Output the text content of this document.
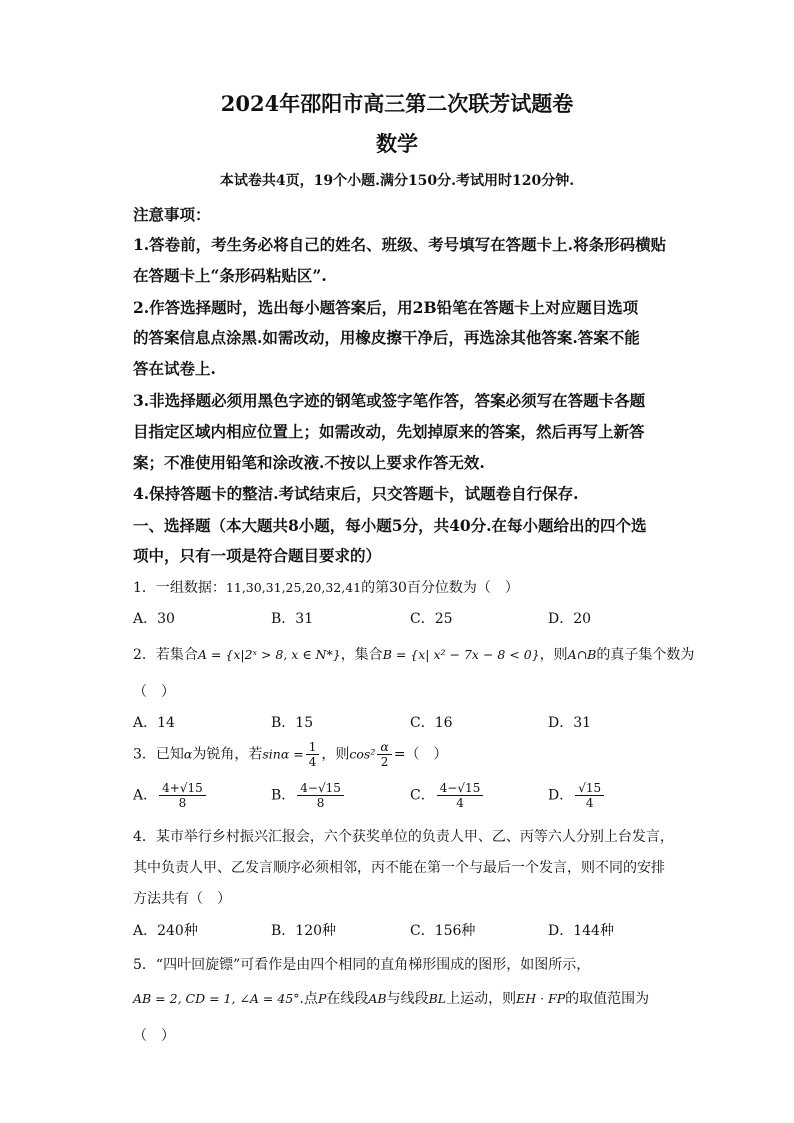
2024年邵阳市高三第二次联芳试题卷
数学
本试卷共4页，19个小题.满分150分.考试用时120分钟.
注意事项：
1.答卷前，考生务必将自己的姓名、班级、考号填写在答题卡上.将条形码横贴
在答题卡上“条形码粘贴区”.
2.作答选择题时，选出每小题答案后，用2B铅笔在答题卡上对应题目选项
的答案信息点涂黑.如需改动，用橡皮擦干净后，再选涂其他答案.答案不能
答在试卷上.
3.非选择题必须用黑色字迹的钢笔或签字笔作答，答案必须写在答题卡各题
目指定区域内相应位置上；如需改动，先划掉原来的答案，然后再写上新答
案；不准使用铅笔和涂改液.不按以上要求作答无效.
4.保持答题卡的整洁.考试结束后，只交答题卡，试题卷自行保存.
一、选择题（本大题共8小题，每小题5分，共40分.在每小题给出的四个选
项中，只有一项是符合题目要求的）
1．一组数据：11,30,31,25,20,32,41的第30百分位数为（　）
A．30	B．31	C．25	D．20
2．若集合A = {x|2ˣ > 8, x ∈ N*}，集合B = {x| x² − 7x − 8 < 0}，则A∩B的真子集个数为
（　）
A．14	B．15	C．16	D．31
3．已知α为锐角，若$\sin\alpha = \frac{1}{4}$ ，则$\cos^2 \frac{\alpha}{2}$ =（　）
A． $\frac{4+√15}{8}$	B． $\frac{4-√15}{8}$	C． $\frac{4-√15}{4}$	D． $\frac{√15}{4}$
4．某市举行乡村振兴汇报会，六个获奖单位的负责人甲、乙、丙等六人分别上台发言，
其中负责人甲、乙发言顺序必须相邻，丙不能在第一个与最后一个发言，则不同的安排
方法共有（　）
A．240种	B．120种	C．156种	D．144种
5．“四叶回旋镖”可看作是由四个相同的直角梯形围成的图形，如图所示，
AB = 2, CD = 1, ∠A = 45°.点P在线段AB与线段BL上运动，则EH · FP的取值范围为
（　）
